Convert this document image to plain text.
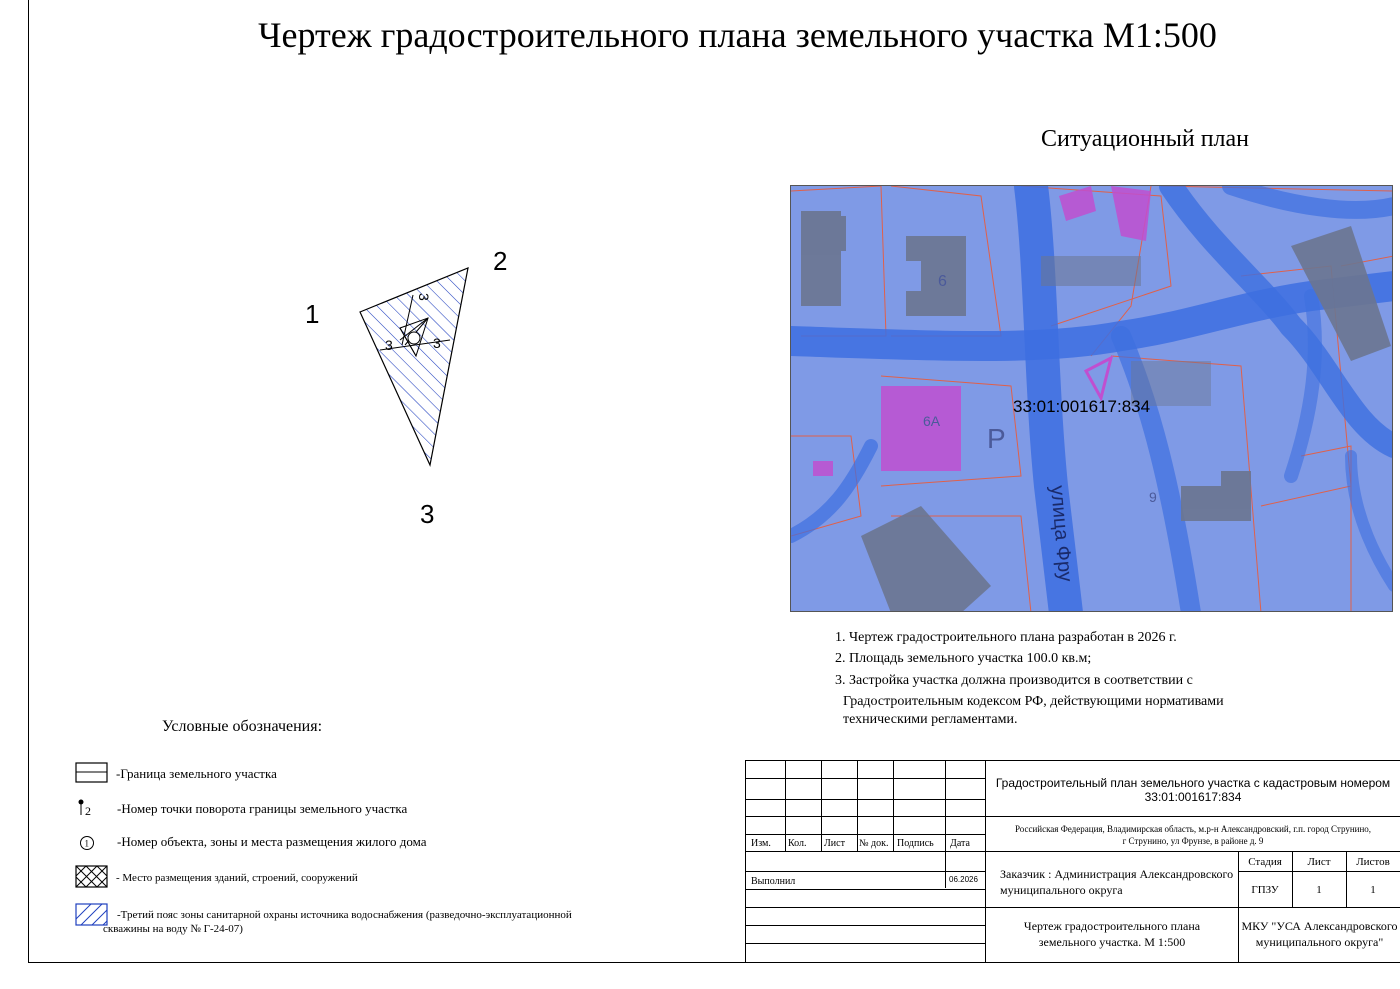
Чертеж градостроительного плана земельного участка М1:500
Ситуационный план
1
2
3
3
3	3
6
6А
9
P
улица Фру
33:01:001617:834
1. Чертеж градостроительного плана разработан в 2026 г.
2. Площадь земельного участка 100.0 кв.м;
3. Застройка участка должна производится в соответствии с
Градостроительным кодексом РФ, действующими нормативами
техническими регламентами.
Условные обозначения:
-Граница земельного участка
2 -Номер точки поворота границы земельного участка
1 -Номер объекта, зоны и места размещения жилого дома
- Место размещения зданий, строений, сооружений
-Третий пояс зоны санитарной охраны источника водоснабжения (разведочно-эксплуатационной
скважины на воду № Г-24-07)
Изм. Кол. Лист № док. Подпись Дата
Выполнил	06.2026
Градостроительный план земельного участка с кадастровым номером
33:01:001617:834
Российская Федерация, Владимирская область, м.р-н Александровский, г.п. город Струнино,
г Струнино, ул Фрунзе, в районе д. 9
Заказчик : Администрация Александровского
муниципального округа
Стадия	Лист	Листов
ГПЗУ	1	1
Чертеж градостроительного плана
земельного участка. М 1:500
МКУ "УСА Александровского
муниципального округа"
